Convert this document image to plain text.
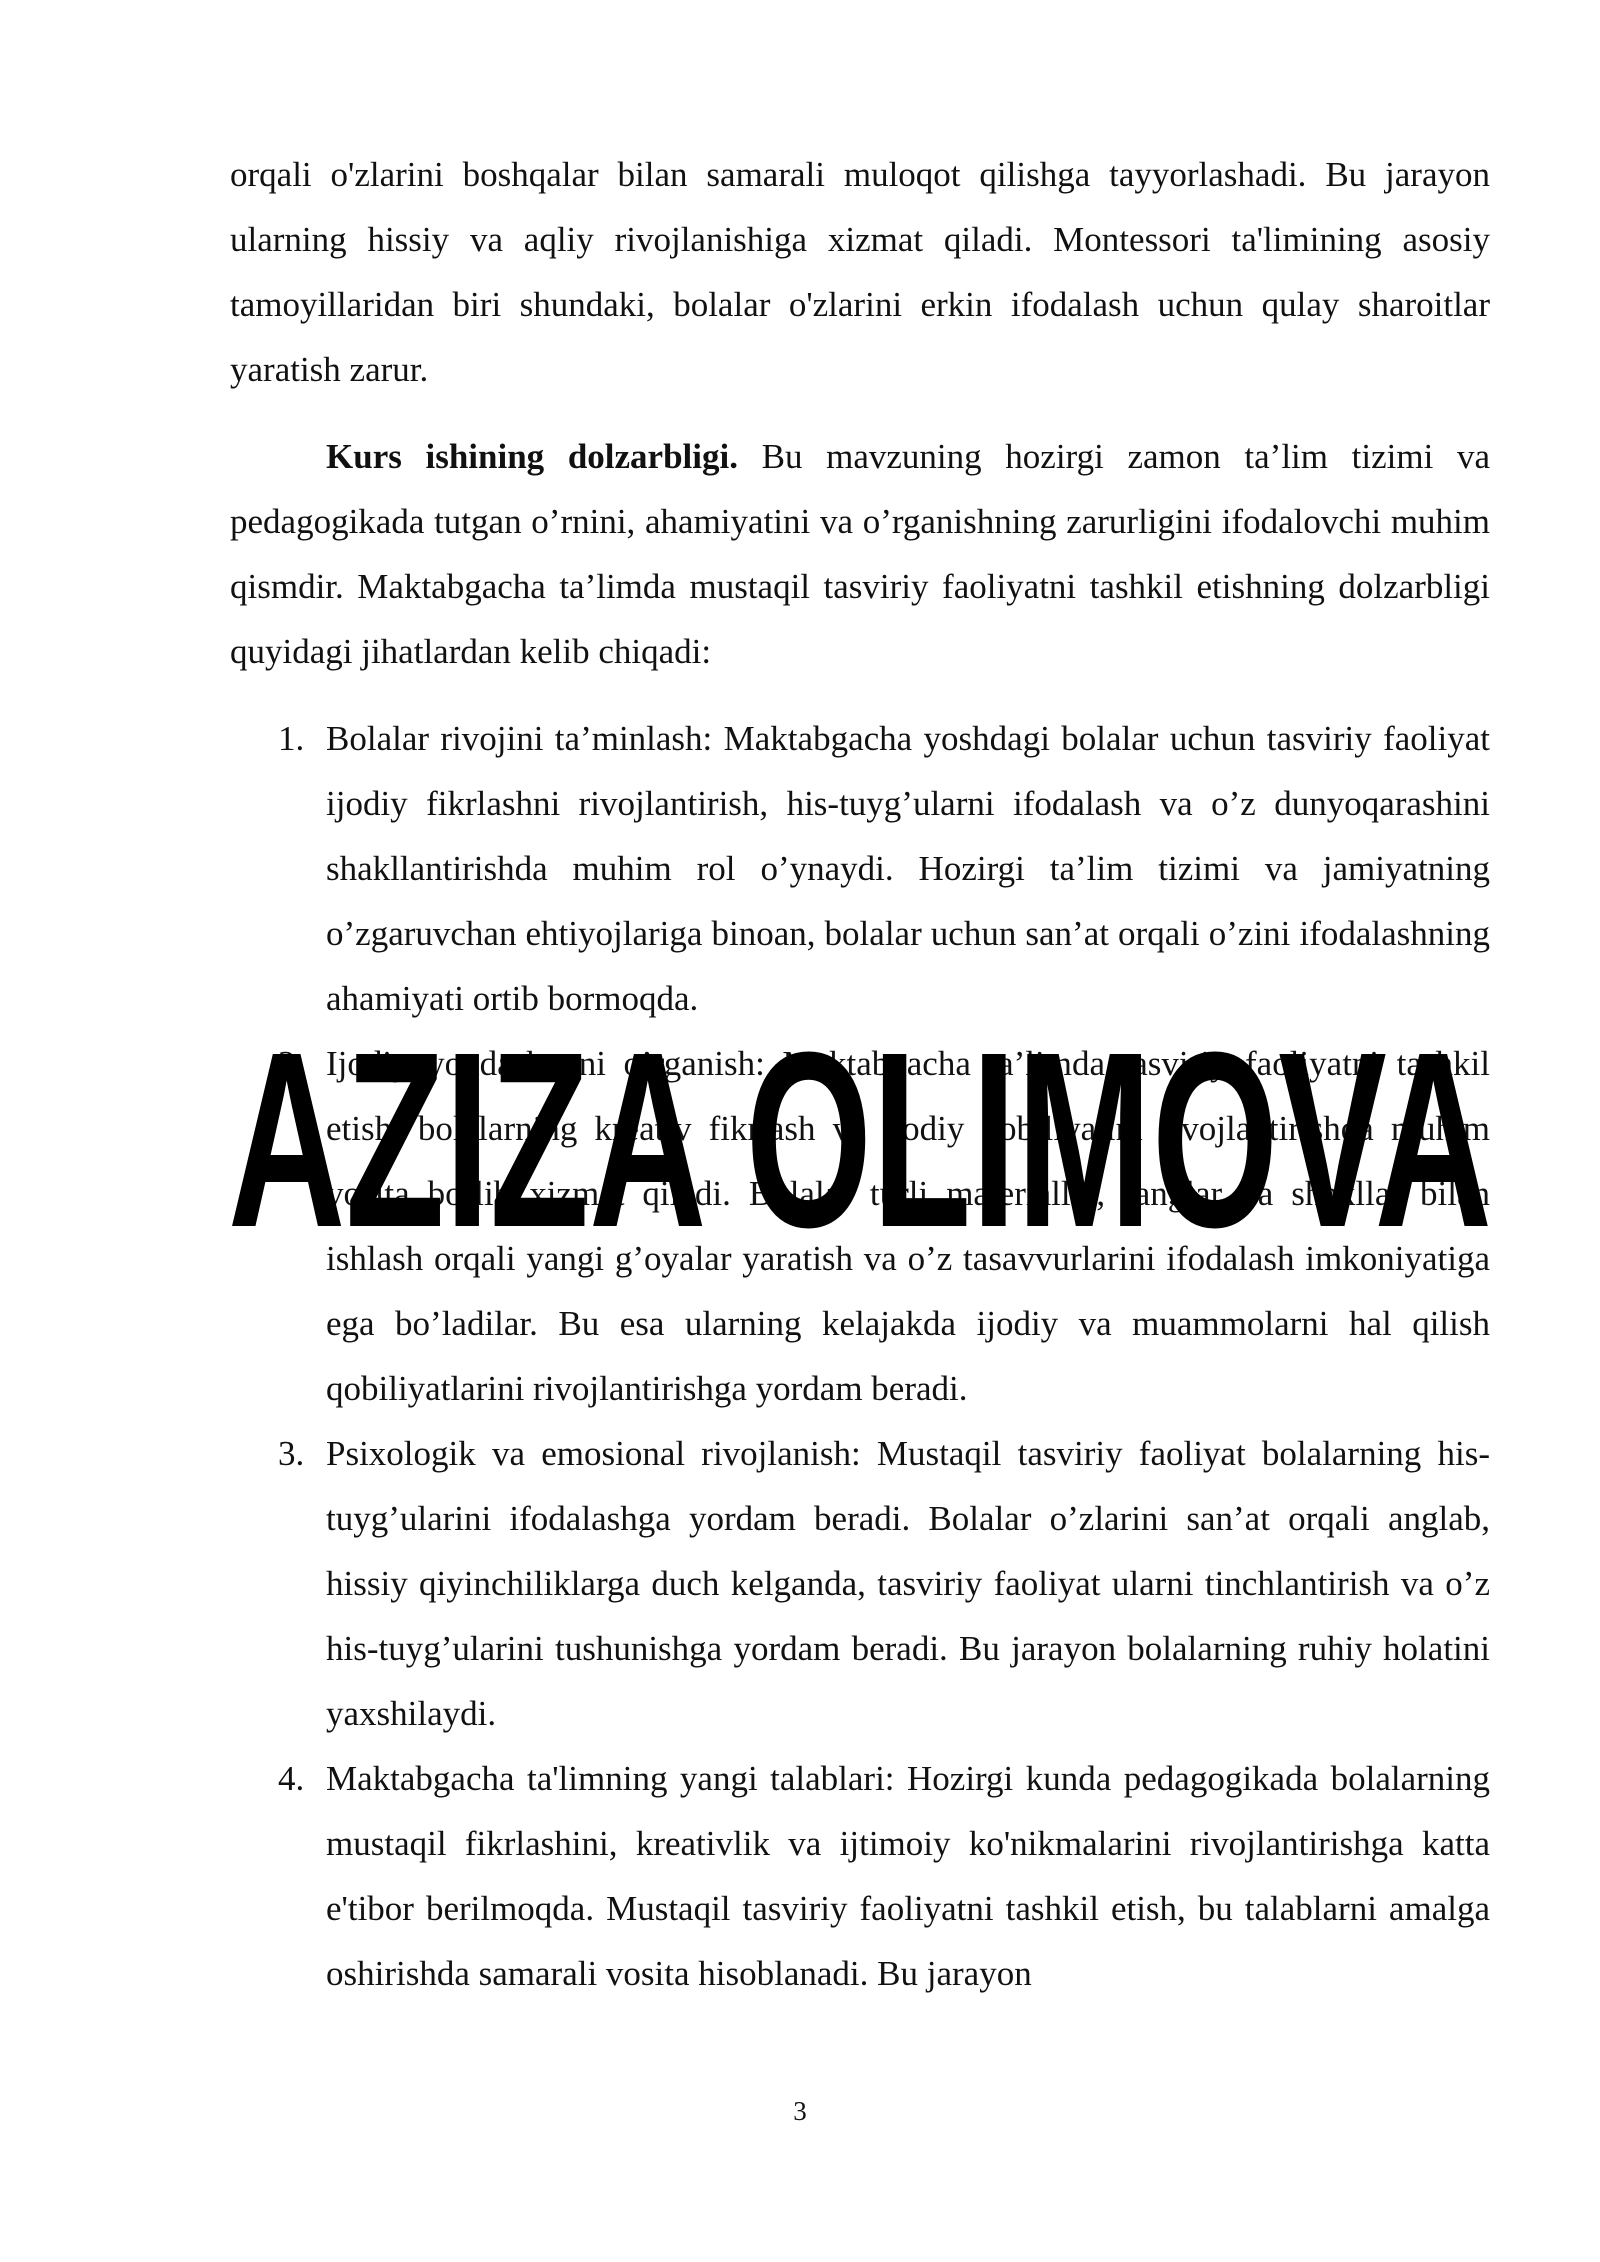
orqali o'zlarini boshqalar bilan samarali muloqot qilishga tayyorlashadi. Bu jarayon ularning hissiy va aqliy rivojlanishiga xizmat qiladi. Montessori ta'limining asosiy tamoyillaridan biri shundaki, bolalar o'zlarini erkin ifodalash uchun qulay sharoitlar yaratish zarur.

Kurs ishining dolzarbligi. Bu mavzuning hozirgi zamon ta’lim tizimi va pedagogikada tutgan o’rnini, ahamiyatini va o’rganishning zarurligini ifodalovchi muhim qismdir. Maktabgacha ta’limda mustaqil tasviriy faoliyatni tashkil etishning dolzarbligi quyidagi jihatlardan kelib chiqadi:

1. Bolalar rivojini ta’minlash: Maktabgacha yoshdagi bolalar uchun tasviriy faoliyat ijodiy fikrlashni rivojlantirish, his-tuyg’ularni ifodalash va o’z dunyoqarashini shakllantirishda muhim rol o’ynaydi. Hozirgi ta’lim tizimi va jamiyatning o’zgaruvchan ehtiyojlariga binoan, bolalar uchun san’at orqali o’zini ifodalashning ahamiyati ortib bormoqda.
2. Ijodiy yondashuvni o’rganish: Maktabgacha ta’limda tasviriy faoliyatni tashkil etish, bolalarning kreativ fikrlash va ijodiy qobiliyatini rivojlantirishda muhim vosita bo’lib xizmat qiladi. Bolalar turli materiallar, ranglar va shakllar bilan ishlash orqali yangi g’oyalar yaratish va o’z tasavvurlarini ifodalash imkoniyatiga ega bo’ladilar. Bu esa ularning kelajakda ijodiy va muammolarni hal qilish qobiliyatlarini rivojlantirishga yordam beradi.
3. Psixologik va emosional rivojlanish: Mustaqil tasviriy faoliyat bolalarning his-tuyg’ularini ifodalashga yordam beradi. Bolalar o’zlarini san’at orqali anglab, hissiy qiyinchiliklarga duch kelganda, tasviriy faoliyat ularni tinchlantirish va o’z his-tuyg’ularini tushunishga yordam beradi. Bu jarayon bolalarning ruhiy holatini yaxshilaydi.
4. Maktabgacha ta'limning yangi talablari: Hozirgi kunda pedagogikada bolalarning mustaqil fikrlashini, kreativlik va ijtimoiy ko'nikmalarini rivojlantirishga katta e'tibor berilmoqda. Mustaqil tasviriy faoliyatni tashkil etish, bu talablarni amalga oshirishda samarali vosita hisoblanadi. Bu jarayon
AZIZA OLIMOVA
3
